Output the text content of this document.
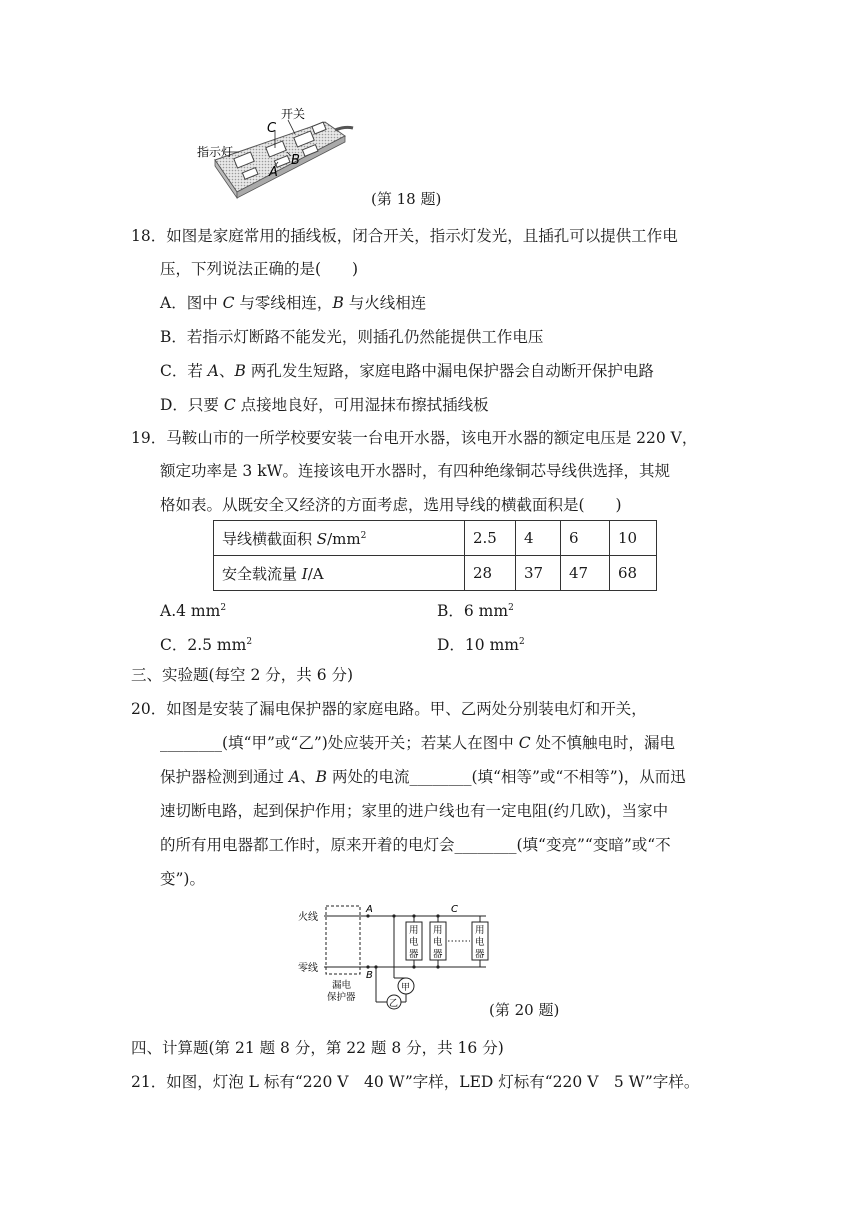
开关
指示灯
C
A
B
(第 18 题)
18．如图是家庭常用的插线板，闭合开关，指示灯发光，且插孔可以提供工作电
压，下列说法正确的是(　　)
A．图中 C 与零线相连，B 与火线相连
B．若指示灯断路不能发光，则插孔仍然能提供工作电压
C．若 A、B 两孔发生短路，家庭电路中漏电保护器会自动断开保护电路
D．只要 C 点接地良好，可用湿抹布擦拭插线板
19．马鞍山市的一所学校要安装一台电开水器，该电开水器的额定电压是 220 V，
额定功率是 3 kW。连接该电开水器时，有四种绝缘铜芯导线供选择，其规
格如表。从既安全又经济的方面考虑，选用导线的横截面积是(　　)
导线横截面积 $S/mm^2$	2.5	4	6	10
安全载流量 I/A	28	37	47	68
A.4 $mm^2$	B．6 $mm^2$
C．2.5 $mm^2$	D．10 $mm^2$
三、实验题(每空 2 分，共 6 分)
20．如图是安装了漏电保护器的家庭电路。甲、乙两处分别装电灯和开关，
________(填“甲”或“乙”)处应装开关；若某人在图中 C 处不慎触电时，漏电
保护器检测到通过 A、B 两处的电流________(填“相等”或“不相等”)，从而迅
速切断电路，起到保护作用；家里的进户线也有一定电阻(约几欧)，当家中
的所有用电器都工作时，原来开着的电灯会________(填“变亮”“变暗”或“不
变”)。
火线
零线
A
B
C
漏电
保护器
用
电
器
用
电
器
用
电
器
甲
乙	(第 20 题)
四、计算题(第 21 题 8 分，第 22 题 8 分，共 16 分)
21．如图，灯泡 L 标有“220 V　40 W”字样，LED 灯标有“220 V　5 W”字样。
